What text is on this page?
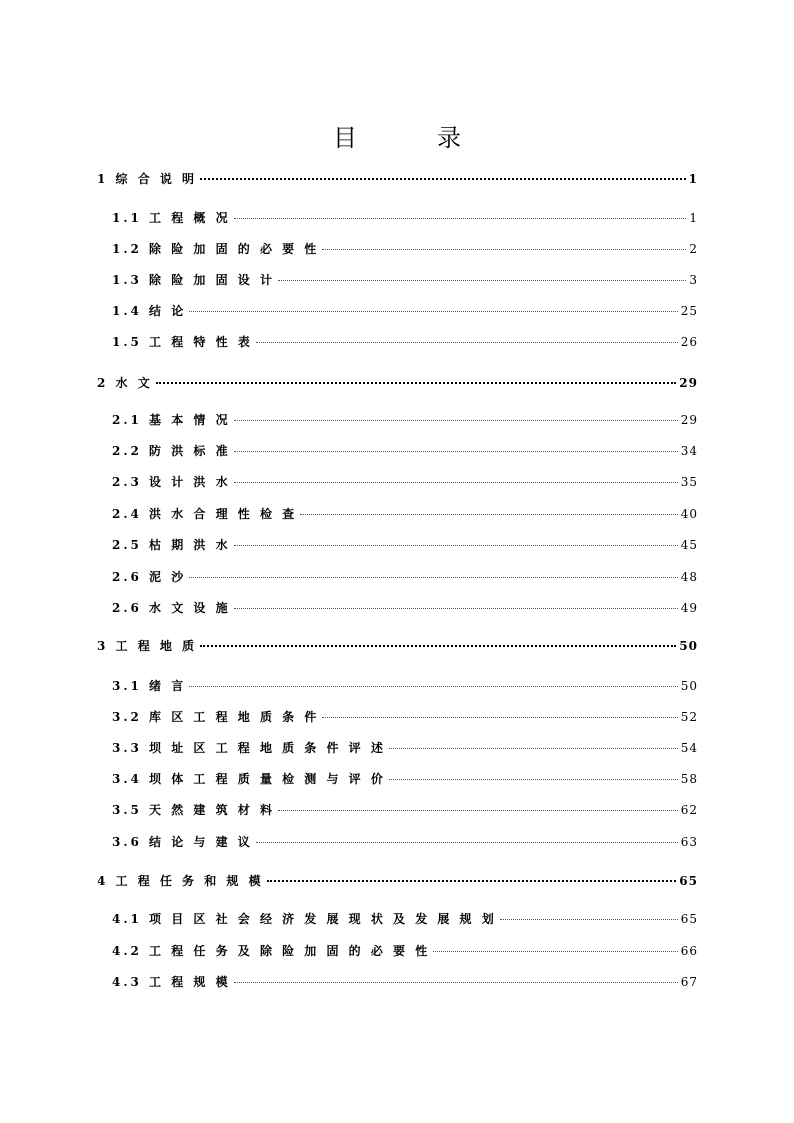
目　录
1 综 合 说 明	1
1.1 工 程 概 况	1
1.2 除 险 加 固 的 必 要 性	2
1.3 除 险 加 固 设 计	3
1.4 结 论	25
1.5 工 程 特 性 表	26
2 水 文	29
2.1 基 本 情 况	29
2.2 防 洪 标 准	34
2.3 设 计 洪 水	35
2.4 洪 水 合 理 性 检 查	40
2.5 枯 期 洪 水	45
2.6 泥 沙	48
2.6 水 文 设 施	49
3 工 程 地 质	50
3.1 绪 言	50
3.2 库 区 工 程 地 质 条 件	52
3.3 坝 址 区 工 程 地 质 条 件 评 述	54
3.4 坝 体 工 程 质 量 检 测 与 评 价	58
3.5 天 然 建 筑 材 料	62
3.6 结 论 与 建 议	63
4 工 程 任 务 和 规 模	65
4.1 项 目 区 社 会 经 济 发 展 现 状 及 发 展 规 划	65
4.2 工 程 任 务 及 除 险 加 固 的 必 要 性	66
4.3 工 程 规 模	67
